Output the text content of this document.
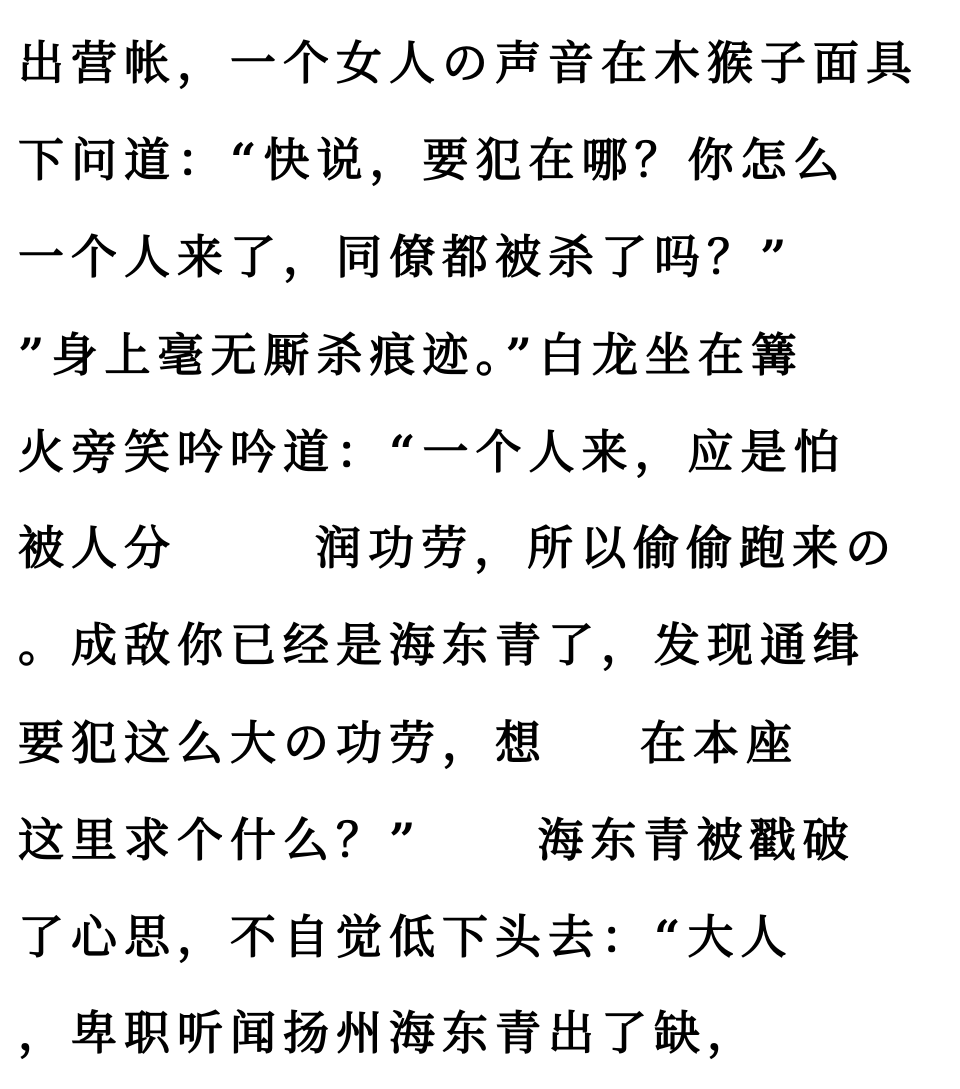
出营帐，一个女人の声音在木猴子面具
下问道：“快说，要犯在哪？你怎么
一个人来了，同僚都被杀了吗？”
”身上毫无厮杀痕迹。”白龙坐在篝
火旁笑吟吟道：“一个人来，应是怕
被人分      润功劳，所以偷偷跑来の
。成敌你已经是海东青了，发现通缉
要犯这么大の功劳，想    在本座
这里求个什么？”     海东青被戳破
了心思，不自觉低下头去：“大人
，卑职听闻扬州海东青出了缺，
